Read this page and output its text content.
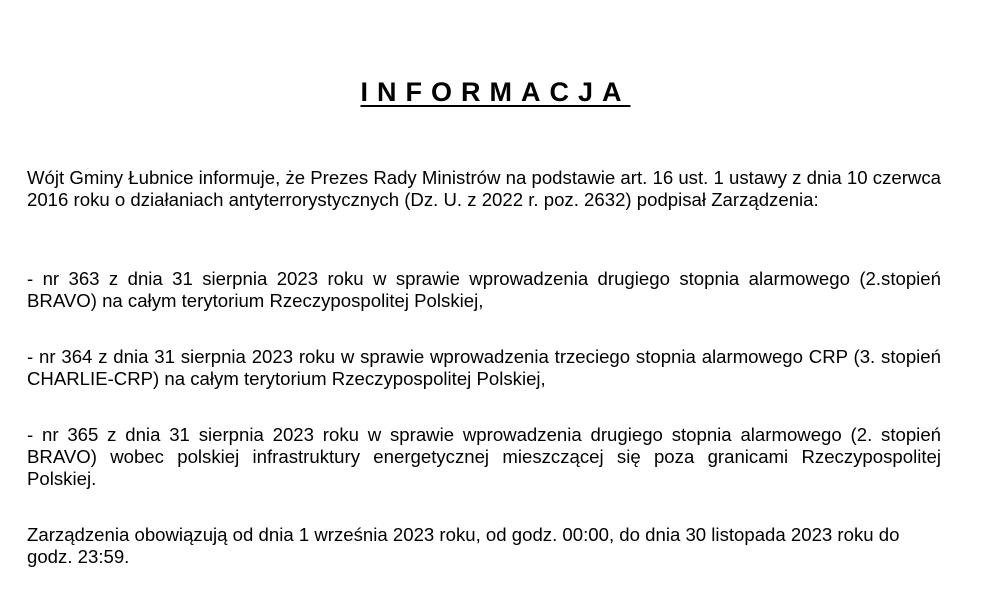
INFORMACJA

Wójt Gminy Łubnice informuje, że Prezes Rady Ministrów na podstawie art. 16 ust. 1 ustawy z dnia 10 czerwca 2016 roku o działaniach antyterrorystycznych (Dz. U. z 2022 r. poz. 2632) podpisał Zarządzenia:

- nr 363 z dnia 31 sierpnia 2023 roku w sprawie wprowadzenia drugiego stopnia alarmowego (2.stopień BRAVO) na całym terytorium Rzeczypospolitej Polskiej,

- nr 364 z dnia 31 sierpnia 2023 roku w sprawie wprowadzenia trzeciego stopnia alarmowego CRP (3. stopień CHARLIE-CRP) na całym terytorium Rzeczypospolitej Polskiej,

- nr 365 z dnia 31 sierpnia 2023 roku w sprawie wprowadzenia drugiego stopnia alarmowego (2. stopień BRAVO) wobec polskiej infrastruktury energetycznej mieszczącej się poza granicami Rzeczypospolitej Polskiej.

Zarządzenia obowiązują od dnia 1 września 2023 roku, od godz. 00:00, do dnia 30 listopada 2023 roku do godz. 23:59.
